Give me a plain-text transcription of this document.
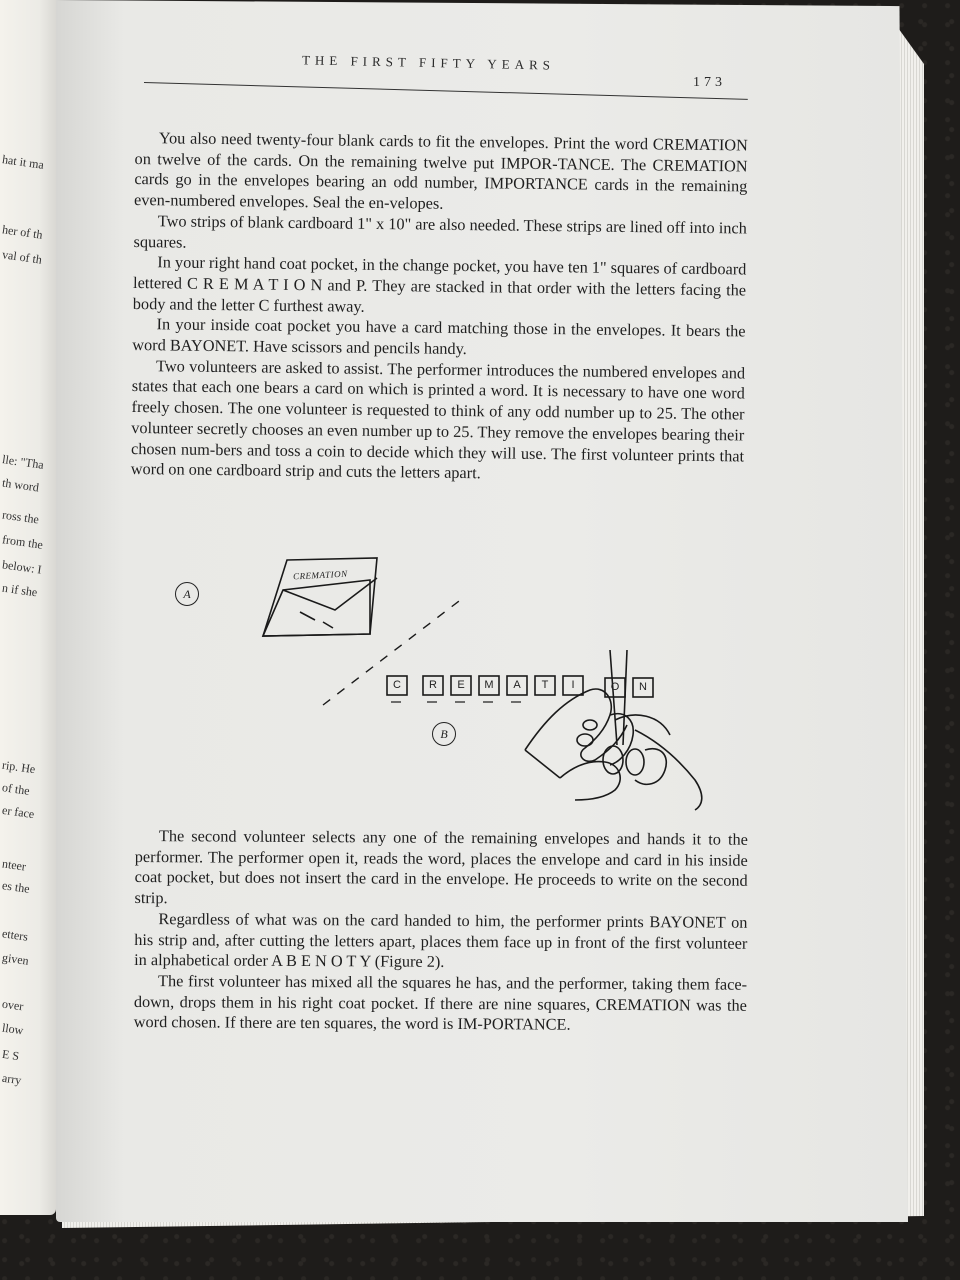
hat it ma
her of th
val of th
lle: "Tha
th word
ross the
from the
below: I
n if she
rip. He
of the
er face
nteer
es the
etters
given
over
llow
E S
arry
THE FIRST FIFTY YEARS
173

You also need twenty-four blank cards to fit the envelopes. Print the word CREMATION on twelve of the cards. On the remaining twelve put IMPOR-TANCE. The CREMATION cards go in the envelopes bearing an odd number, IMPORTANCE cards in the remaining even-numbered envelopes. Seal the en-velopes.

Two strips of blank cardboard 1" x 10" are also needed. These strips are lined off into inch squares.

In your right hand coat pocket, in the change pocket, you have ten 1" squares of cardboard lettered C R E M A T I O N and P. They are stacked in that order with the letters facing the body and the letter C furthest away.

In your inside coat pocket you have a card matching those in the envelopes. It bears the word BAYONET. Have scissors and pencils handy.

Two volunteers are asked to assist. The performer introduces the numbered envelopes and states that each one bears a card on which is printed a word. It is necessary to have one word freely chosen. The one volunteer is requested to think of any odd number up to 25. The other volunteer secretly chooses an even number up to 25. They remove the envelopes bearing their chosen num-bers and toss a coin to decide which they will use. The first volunteer prints that word on one cardboard strip and cuts the letters apart.

A
B
CREMATION
C	R	E	M	A	T	I	O N

The second volunteer selects any one of the remaining envelopes and hands it to the performer. The performer open it, reads the word, places the envelope and card in his inside coat pocket, but does not insert the card in the envelope. He proceeds to write on the second strip.

Regardless of what was on the card handed to him, the performer prints BAYONET on his strip and, after cutting the letters apart, places them face up in front of the first volunteer in alphabetical order A B E N O T Y (Figure 2).

The first volunteer has mixed all the squares he has, and the performer, taking them face-down, drops them in his right coat pocket. If there are nine squares, CREMATION was the word chosen. If there are ten squares, the word is IM-PORTANCE.
